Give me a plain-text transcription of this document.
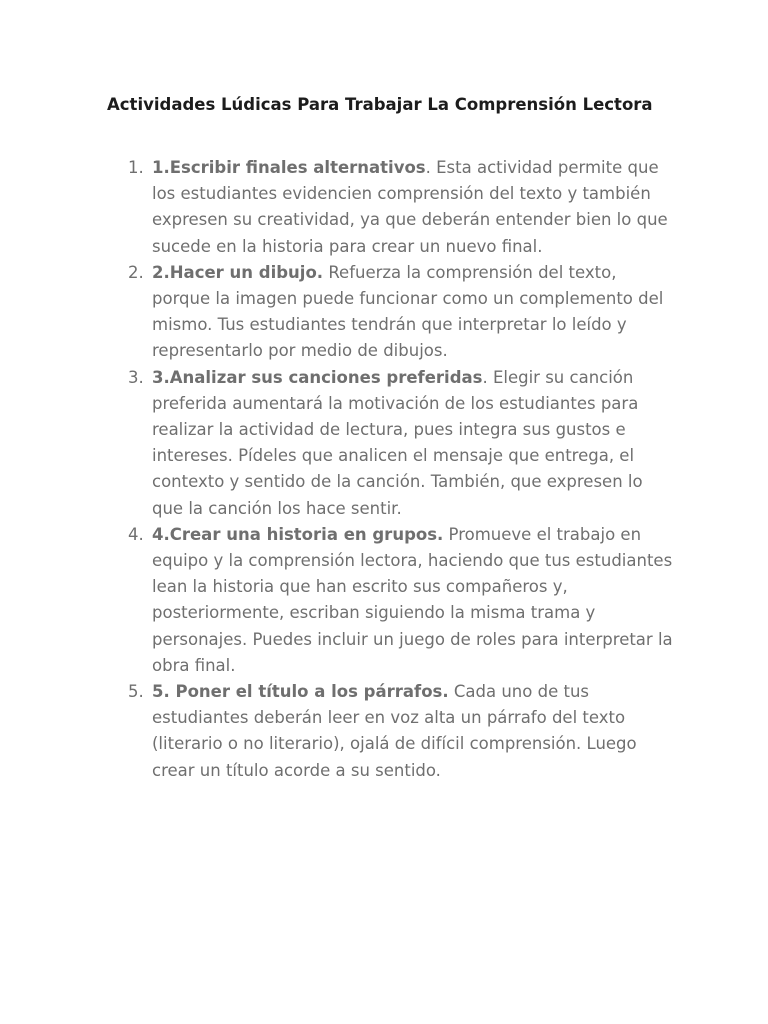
Actividades Lúdicas Para Trabajar La Comprensión Lectora
1. 1.Escribir finales alternativos. Esta actividad permite que los estudiantes evidencien comprensión del texto y también expresen su creatividad, ya que deberán entender bien lo que sucede en la historia para crear un nuevo final.
2. 2.Hacer un dibujo. Refuerza la comprensión del texto, porque la imagen puede funcionar como un complemento del mismo. Tus estudiantes tendrán que interpretar lo leído y representarlo por medio de dibujos.
3. 3.Analizar sus canciones preferidas. Elegir su canción preferida aumentará la motivación de los estudiantes para realizar la actividad de lectura, pues integra sus gustos e intereses. Pídeles que analicen el mensaje que entrega, el contexto y sentido de la canción. También, que expresen lo que la canción los hace sentir.
4. 4.Crear una historia en grupos. Promueve el trabajo en equipo y la comprensión lectora, haciendo que tus estudiantes lean la historia que han escrito sus compañeros y, posteriormente, escriban siguiendo la misma trama y personajes. Puedes incluir un juego de roles para interpretar la obra final.
5. 5. Poner el título a los párrafos. Cada uno de tus estudiantes deberán leer en voz alta un párrafo del texto (literario o no literario), ojalá de difícil comprensión. Luego crear un título acorde a su sentido.
